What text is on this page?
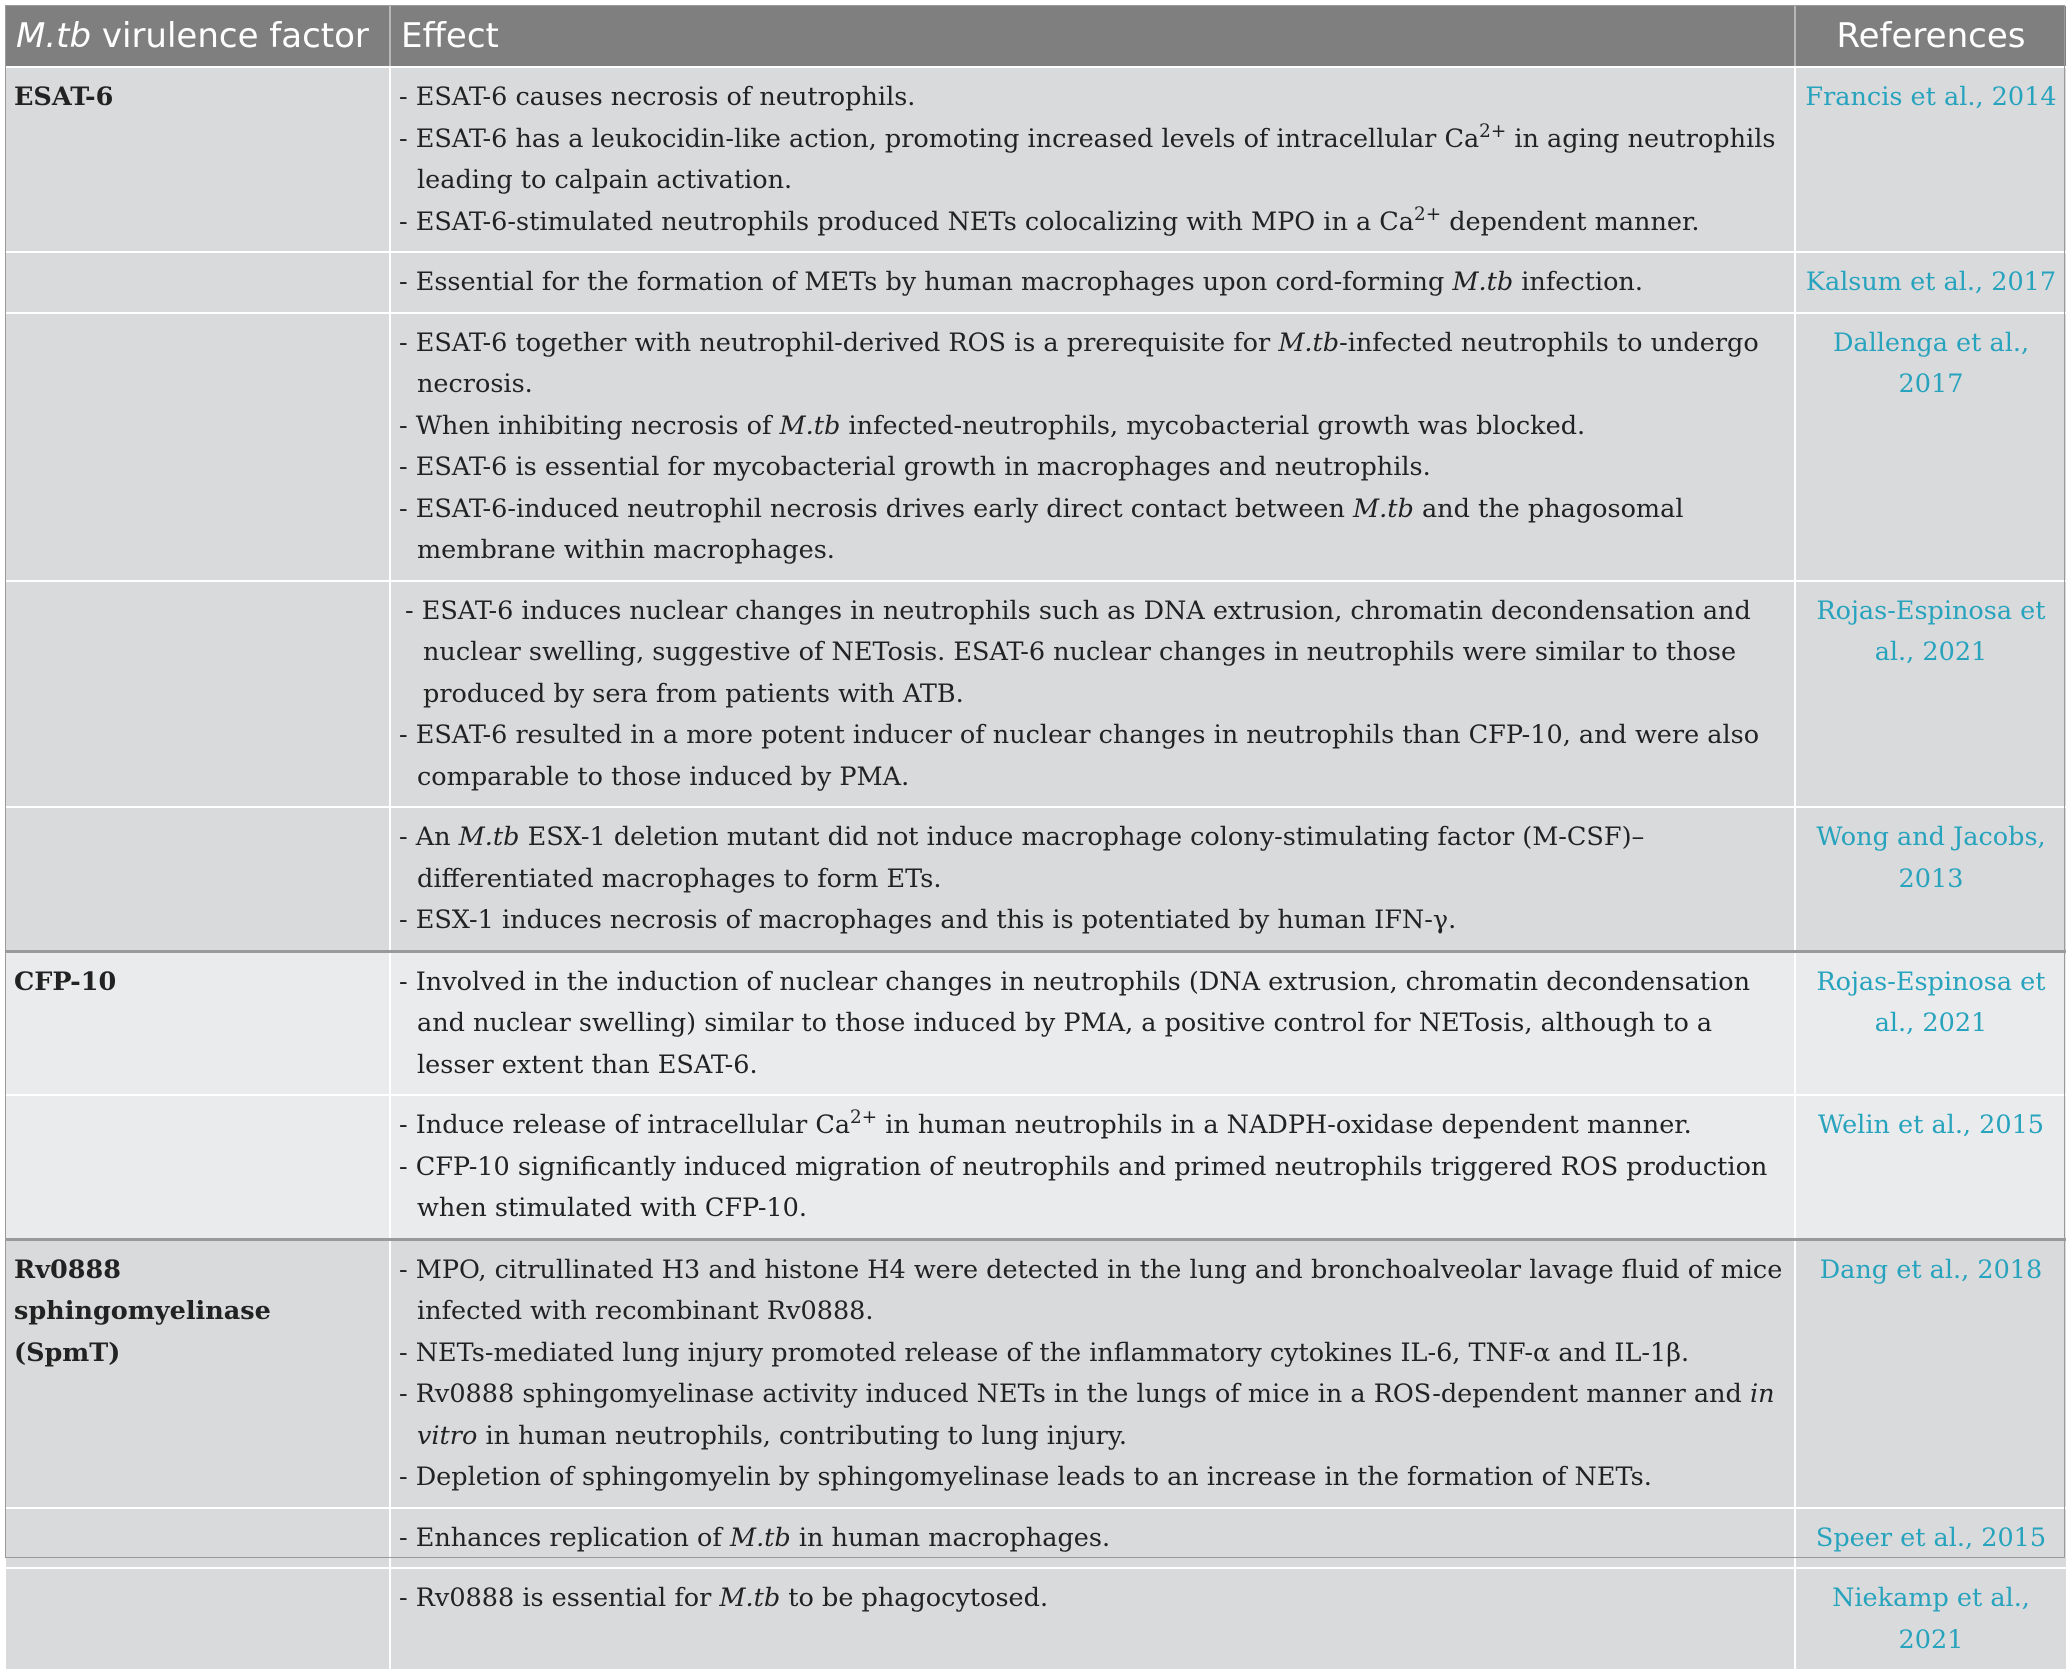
M.tb virulence factor	Effect	References
ESAT-6	- ESAT-6 causes necrosis of neutrophils.
- ESAT-6 has a leukocidin-like action, promoting increased levels of intracellular $Ca^{2+}$ in aging neutrophils leading to calpain activation.
- ESAT-6-stimulated neutrophils produced NETs colocalizing with MPO in a $Ca^{2+}$ dependent manner.	Francis et al., 2014

	- Essential for the formation of METs by human macrophages upon cord-forming M.tb infection.	Kalsum et al., 2017

	- ESAT-6 together with neutrophil-derived ROS is a prerequisite for M.tb-infected neutrophils to undergo necrosis.
- When inhibiting necrosis of M.tb infected-neutrophils, mycobacterial growth was blocked.
- ESAT-6 is essential for mycobacterial growth in macrophages and neutrophils.
- ESAT-6-induced neutrophil necrosis drives early direct contact between M.tb and the phagosomal membrane within macrophages.	Dallenga et al., 2017

	- ESAT-6 induces nuclear changes in neutrophils such as DNA extrusion, chromatin decondensation and nuclear swelling, suggestive of NETosis. ESAT-6 nuclear changes in neutrophils were similar to those produced by sera from patients with ATB.
- ESAT-6 resulted in a more potent inducer of nuclear changes in neutrophils than CFP-10, and were also comparable to those induced by PMA.	Rojas-Espinosa et al., 2021

	- An M.tb ESX-1 deletion mutant did not induce macrophage colony-stimulating factor (M-CSF)–differentiated macrophages to form ETs.
- ESX-1 induces necrosis of macrophages and this is potentiated by human IFN-γ.	Wong and Jacobs, 2013
CFP-10	- Involved in the induction of nuclear changes in neutrophils (DNA extrusion, chromatin decondensation and nuclear swelling) similar to those induced by PMA, a positive control for NETosis, although to a lesser extent than ESAT-6.	Rojas-Espinosa et al., 2021

	- Induce release of intracellular $Ca^{2+}$ in human neutrophils in a NADPH-oxidase dependent manner.
- CFP-10 significantly induced migration of neutrophils and primed neutrophils triggered ROS production when stimulated with CFP-10.	Welin et al., 2015
Rv0888 sphingomyelinase (SpmT)	- MPO, citrullinated H3 and histone H4 were detected in the lung and bronchoalveolar lavage fluid of mice infected with recombinant Rv0888.
- NETs-mediated lung injury promoted release of the inflammatory cytokines IL-6, TNF-α and IL-1β.
- Rv0888 sphingomyelinase activity induced NETs in the lungs of mice in a ROS-dependent manner and in vitro in human neutrophils, contributing to lung injury.
- Depletion of sphingomyelin by sphingomyelinase leads to an increase in the formation of NETs.	Dang et al., 2018

	- Enhances replication of M.tb in human macrophages.	Speer et al., 2015

	- Rv0888 is essential for M.tb to be phagocytosed.	Niekamp et al., 2021
